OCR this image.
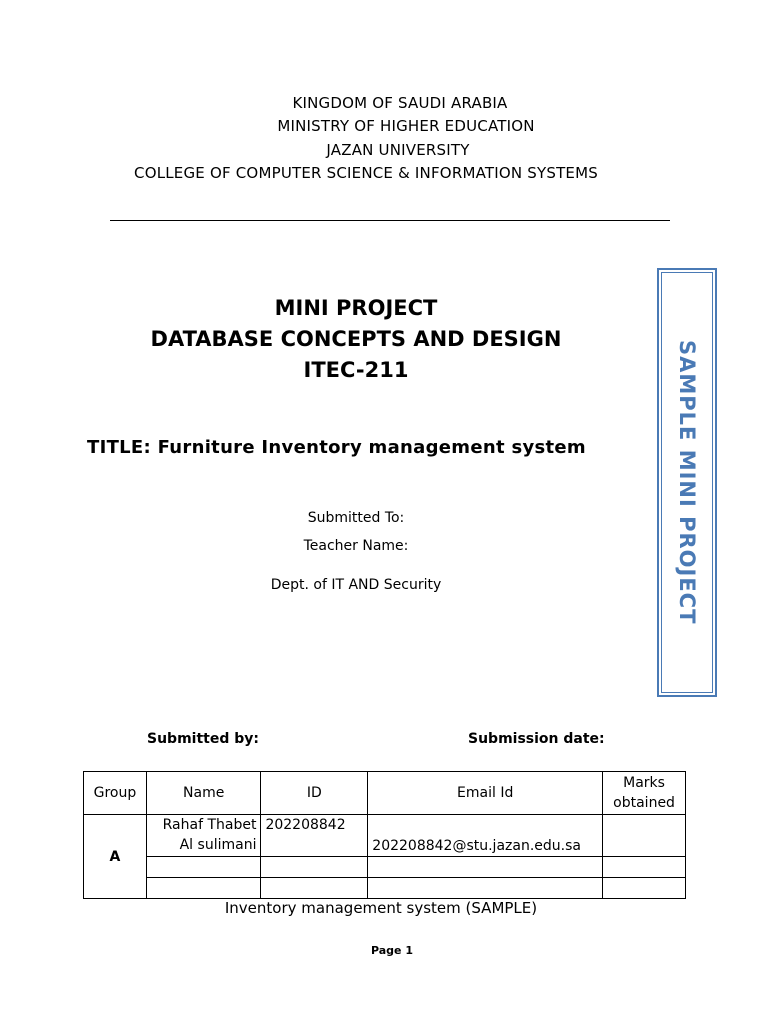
KINGDOM OF SAUDI ARABIA
MINISTRY OF HIGHER EDUCATION
JAZAN UNIVERSITY
COLLEGE OF COMPUTER SCIENCE & INFORMATION SYSTEMS
MINI PROJECT
DATABASE CONCEPTS AND DESIGN
ITEC-211
TITLE: Furniture Inventory management system
Submitted To:
Teacher Name:
Dept. of IT AND Security	SAMPLE MINI PROJECT
Submitted by:	Submission date:
Group	Name	ID	Email Id	Marks obtained
A	Rahaf Thabet Al sulimani	202208842	202208842@stu.jazan.edu.sa	

Inventory management system (SAMPLE)
Page 1
